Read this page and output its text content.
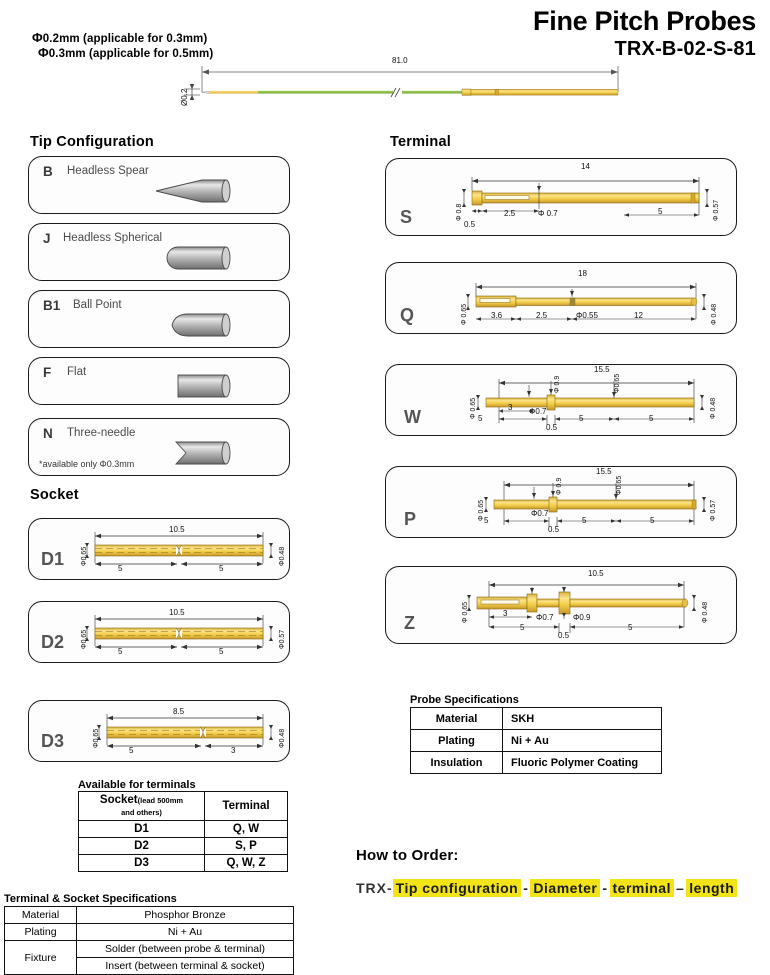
Fine Pitch Probes
TRX-B-02-S-81
Φ0.2mm (applicable for 0.3mm)
Φ0.3mm (applicable for 0.5mm)
81.0
Ø0.2
Tip Configuration
Socket
Terminal
How to Order:
B Headless Spear
J Headless Spherical
B1 Ball Point
F Flat
N Three-needle
*available only Φ0.3mm
D1
10.5
5	5
Φ0.65	Φ0.48
D2
10.5
5	5
Φ0.65	Φ0.57
D3
8.5
5	3
Φ0.65	Φ0.48
S
14
Φ 0.8	Φ 0.57
0.5
2.5	Φ 0.7	5
Q
18
Φ 0.65	Φ 0.48
3.6	2.5	Φ0.55	12
W
15.5
Φ 0.65	Φ 0.48
3 Φ0.7
Φ 0.9	Φ0.65
5	5	5
0.5
P
15.5
Φ 0.65	Φ 0.57
5
Φ0.7
Φ 0.9	Φ0.65
5	5
0.5
Z
10.5
Φ 0.65	Φ 0.48
3	Φ0.7 Φ0.9
5	5
0.5
Probe Specifications
Material	SKH
Plating	Ni + Au
Insulation	Fluoric Polymer Coating
Available for terminals
Socket(lead 500mm
and others)	Terminal
D1	Q, W
D2	S, P
D3	Q, W, Z
Terminal & Socket Specifications
Material	Phosphor Bronze
Plating	Ni + Au
Fixture	Solder (between probe & terminal)
	Insert (between terminal & socket)
TRX- Tip configuration - Diameter - terminal – length
